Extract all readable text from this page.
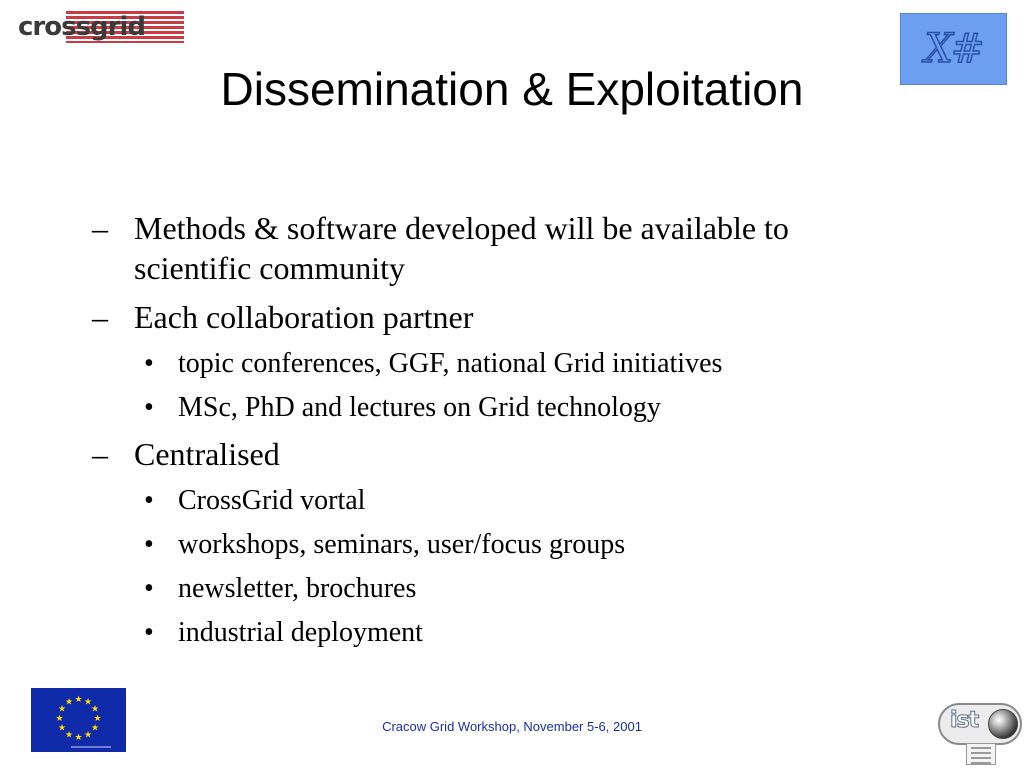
crossgrid	X#
Dissemination & Exploitation
– Methods & software developed will be available to scientific community
– Each collaboration partner
• topic conferences, GGF, national Grid initiatives
• MSc, PhD and lectures on Grid technology
– Centralised
• CrossGrid vortal
• workshops, seminars, user/focus groups
• newsletter, brochures
• industrial deployment
★ ★
★
★
★
★
★
★
★
★
★
★
Cracow Grid Workshop, November 5-6, 2001	ist
